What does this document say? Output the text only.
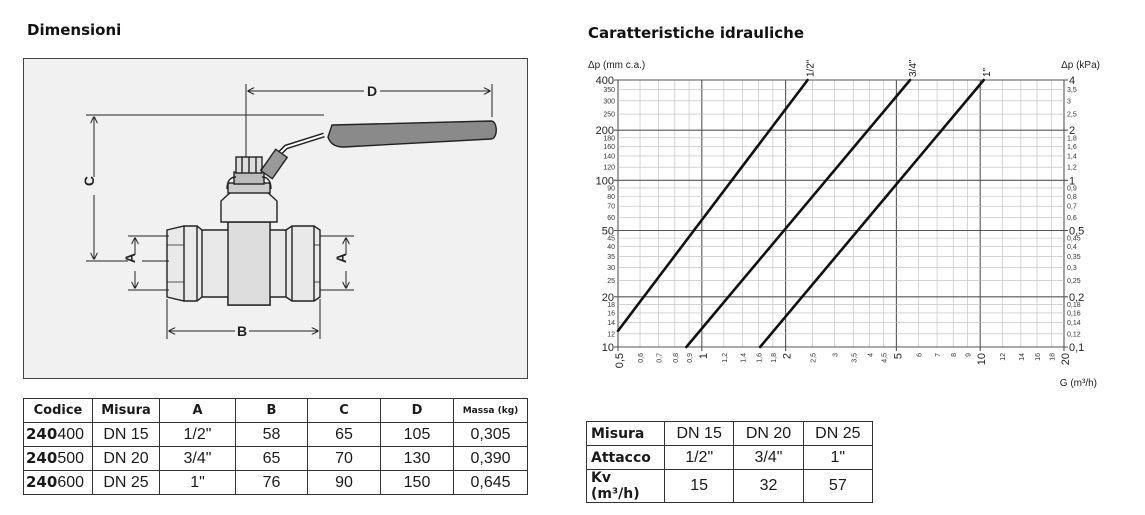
Dimensioni	Caratteristiche idrauliche
D
C
A	A
B
Codice	Misura	A	B	C	D	Massa (kg)
240400	DN 15	1/2"	58	65	105	0,305
240500	DN 20	3/4"	65	70	130	0,390
240600	DN 25	1"	76	90	150	0,645
Δp (mm c.a.)	Δp (kPa)
G (m³/h)
0,6 0,7 0,8 0,9	1,2 1,4 1,6 1,8	2,5 3 3,5 4 4,5	6 7 8 9	12 14 16 18
0,5	1	2	5	10	20
12
14
16
18
25
30
35
40
45
60
70
80
90
120
140
160
180
250
300
350
10
20
50
100
200
400
0,12
0,14
0,16
0,18
0,25
0,3
0,35
0,4
0,45
0,6
0,7
0,8
0,9
1,2
1,4
1,6
1,8
2,5
3
3,5
0,1
0,2
0,5
1
2
4
1/2"	3/4"	1"
Misura	DN 15	DN 20	DN 25
Attacco	1/2"	3/4"	1"
Kv (m³/h)	15	32	57
